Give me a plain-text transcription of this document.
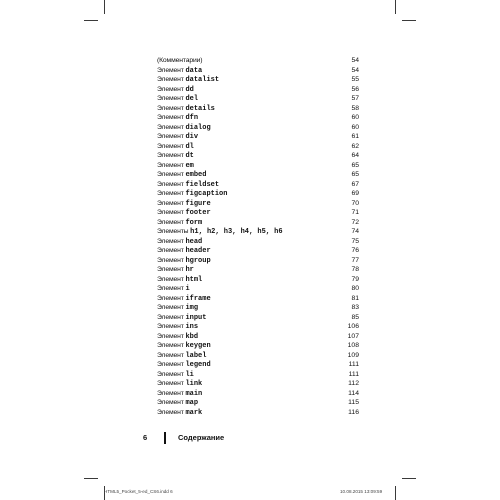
(Комментарии)	54
Элемент data	54
Элемент datalist	55
Элемент dd	56
Элемент del	57
Элемент details	58
Элемент dfn	60
Элемент dialog	60
Элемент div	61
Элемент dl	62
Элемент dt	64
Элемент em	65
Элемент embed	65
Элемент fieldset	67
Элемент figcaption	69
Элемент figure	70
Элемент footer	71
Элемент form	72
Элементы h1, h2, h3, h4, h5, h6	74
Элемент head	75
Элемент header	76
Элемент hgroup	77
Элемент hr	78
Элемент html	79
Элемент i	80
Элемент iframe	81
Элемент img	83
Элемент input	85
Элемент ins	106
Элемент kbd	107
Элемент keygen	108
Элемент label	109
Элемент legend	111
Элемент li	111
Элемент link	112
Элемент main	114
Элемент map	115
Элемент mark	116
6	Содержание
HTML5_Pocket_5-ed_CS6.indd 6	10.08.2015 13:09:59
